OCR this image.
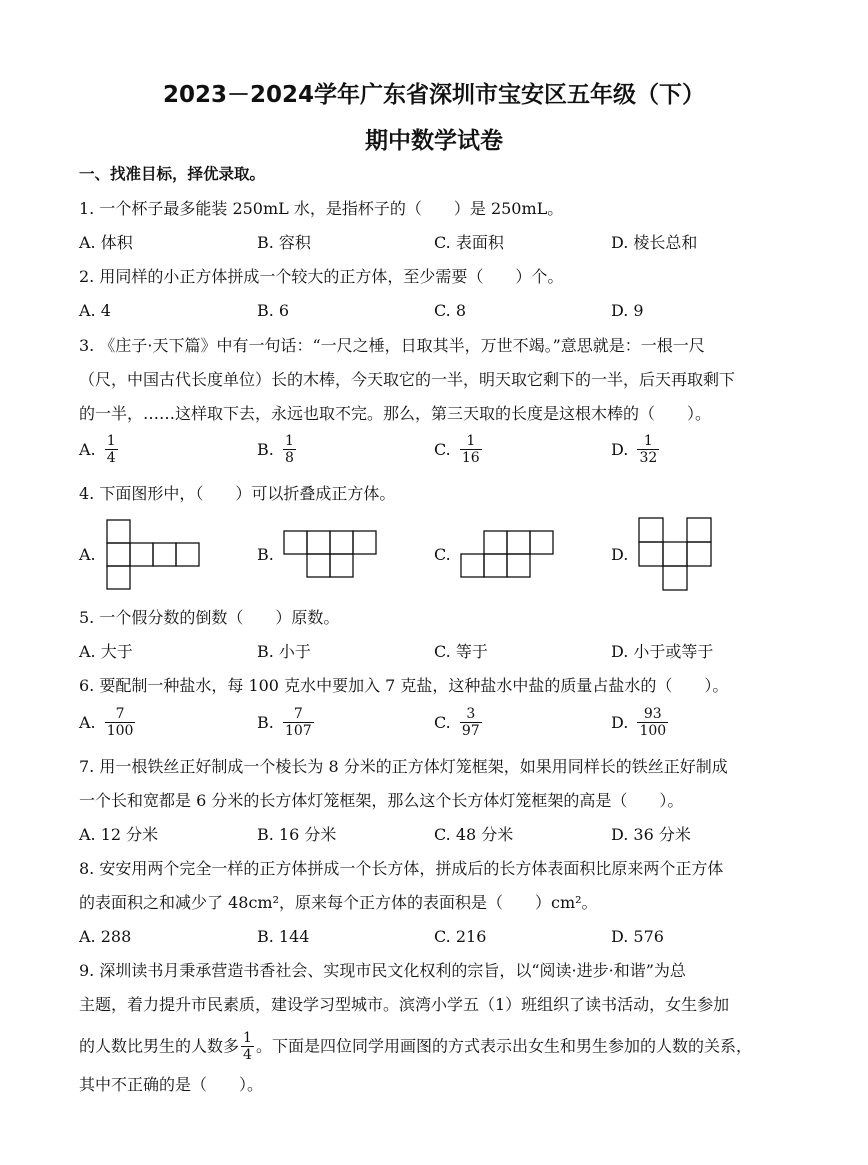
2023－2024学年广东省深圳市宝安区五年级（下）
期中数学试卷
一、找准目标，择优录取。
1. 一个杯子最多能装 250mL 水，是指杯子的（　　）是 250mL。
A. 体积	B. 容积	C. 表面积	D. 棱长总和
2. 用同样的小正方体拼成一个较大的正方体，至少需要（　　）个。
A. 4	B. 6	C. 8	D. 9
3. 《庄子·天下篇》中有一句话：“一尺之棰，日取其半，万世不竭。”意思就是：一根一尺
（尺，中国古代长度单位）长的木棒，今天取它的一半，明天取它剩下的一半，后天再取剩下
的一半，……这样取下去，永远也取不完。那么，第三天取的长度是这根木棒的（　　）。
A. $\frac{1}{4}$	B. $\frac{1}{8}$	C. $\frac{1}{16}$	D. $\frac{1}{32}$
4. 下面图形中，（　　）可以折叠成正方体。
A.	B.	C.	D.
5. 一个假分数的倒数（　　）原数。
A. 大于	B. 小于	C. 等于	D. 小于或等于
6. 要配制一种盐水，每 100 克水中要加入 7 克盐，这种盐水中盐的质量占盐水的（　　）。
A. $\frac{7}{100}$	B. $\frac{7}{107}$	C. $\frac{3}{97}$	D. $\frac{93}{100}$
7. 用一根铁丝正好制成一个棱长为 8 分米的正方体灯笼框架，如果用同样长的铁丝正好制成
一个长和宽都是 6 分米的长方体灯笼框架，那么这个长方体灯笼框架的高是（　　）。
A. 12 分米	B. 16 分米	C. 48 分米	D. 36 分米
8. 安安用两个完全一样的正方体拼成一个长方体，拼成后的长方体表面积比原来两个正方体
的表面积之和减少了 48cm²，原来每个正方体的表面积是（　　）cm²。
A. 288	B. 144	C. 216	D. 576
9. 深圳读书月秉承营造书香社会、实现市民文化权利的宗旨，以“阅读·进步·和谐”为总
主题，着力提升市民素质，建设学习型城市。滨湾小学五（1）班组织了读书活动，女生参加
的人数比男生的人数多 $\frac{1}{4}$ 。下面是四位同学用画图的方式表示出女生和男生参加的人数的关系，
其中不正确的是（　　）。
